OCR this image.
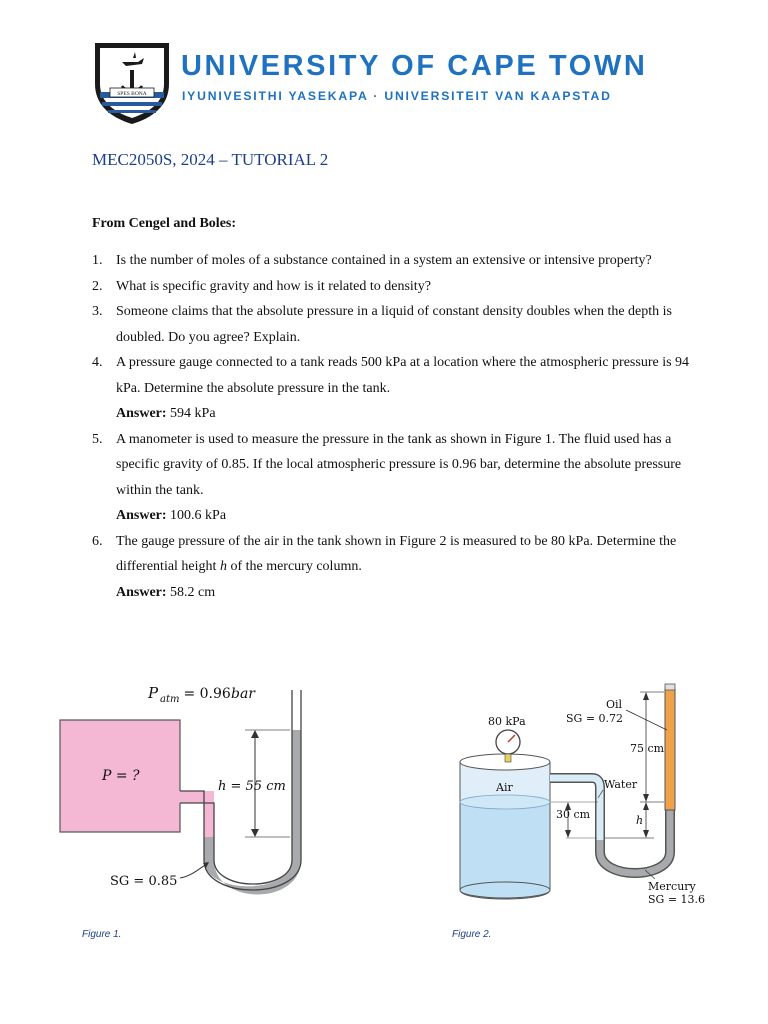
SPES BONA
UNIVERSITY OF CAPE TOWN
IYUNIVESITHI YASEKAPA · UNIVERSITEIT VAN KAAPSTAD
MEC2050S, 2024 – TUTORIAL 2
From Cengel and Boles:
1. Is the number of moles of a substance contained in a system an extensive or intensive property?
2. What is specific gravity and how is it related to density?
3. Someone claims that the absolute pressure in a liquid of constant density doubles when the depth is doubled. Do you agree? Explain.
4. A pressure gauge connected to a tank reads 500 kPa at a location where the atmospheric pressure is 94 kPa. Determine the absolute pressure in the tank.
Answer: 594 kPa
5. A manometer is used to measure the pressure in the tank as shown in Figure 1. The fluid used has a specific gravity of 0.85. If the local atmospheric pressure is 0.96 bar, determine the absolute pressure within the tank.
Answer: 100.6 kPa
6. The gauge pressure of the air in the tank shown in Figure 2 is measured to be 80 kPa. Determine the differential height h of the mercury column.
Answer: 58.2 cm
P atm = 0.96
bar
P = ?
h = 55 cm
SG = 0.85
Figure 1.
Air
80 kPa
Oil
SG = 0.72
75 cm
h
Water
30 cm
Mercury
SG = 13.6
Figure 2.
